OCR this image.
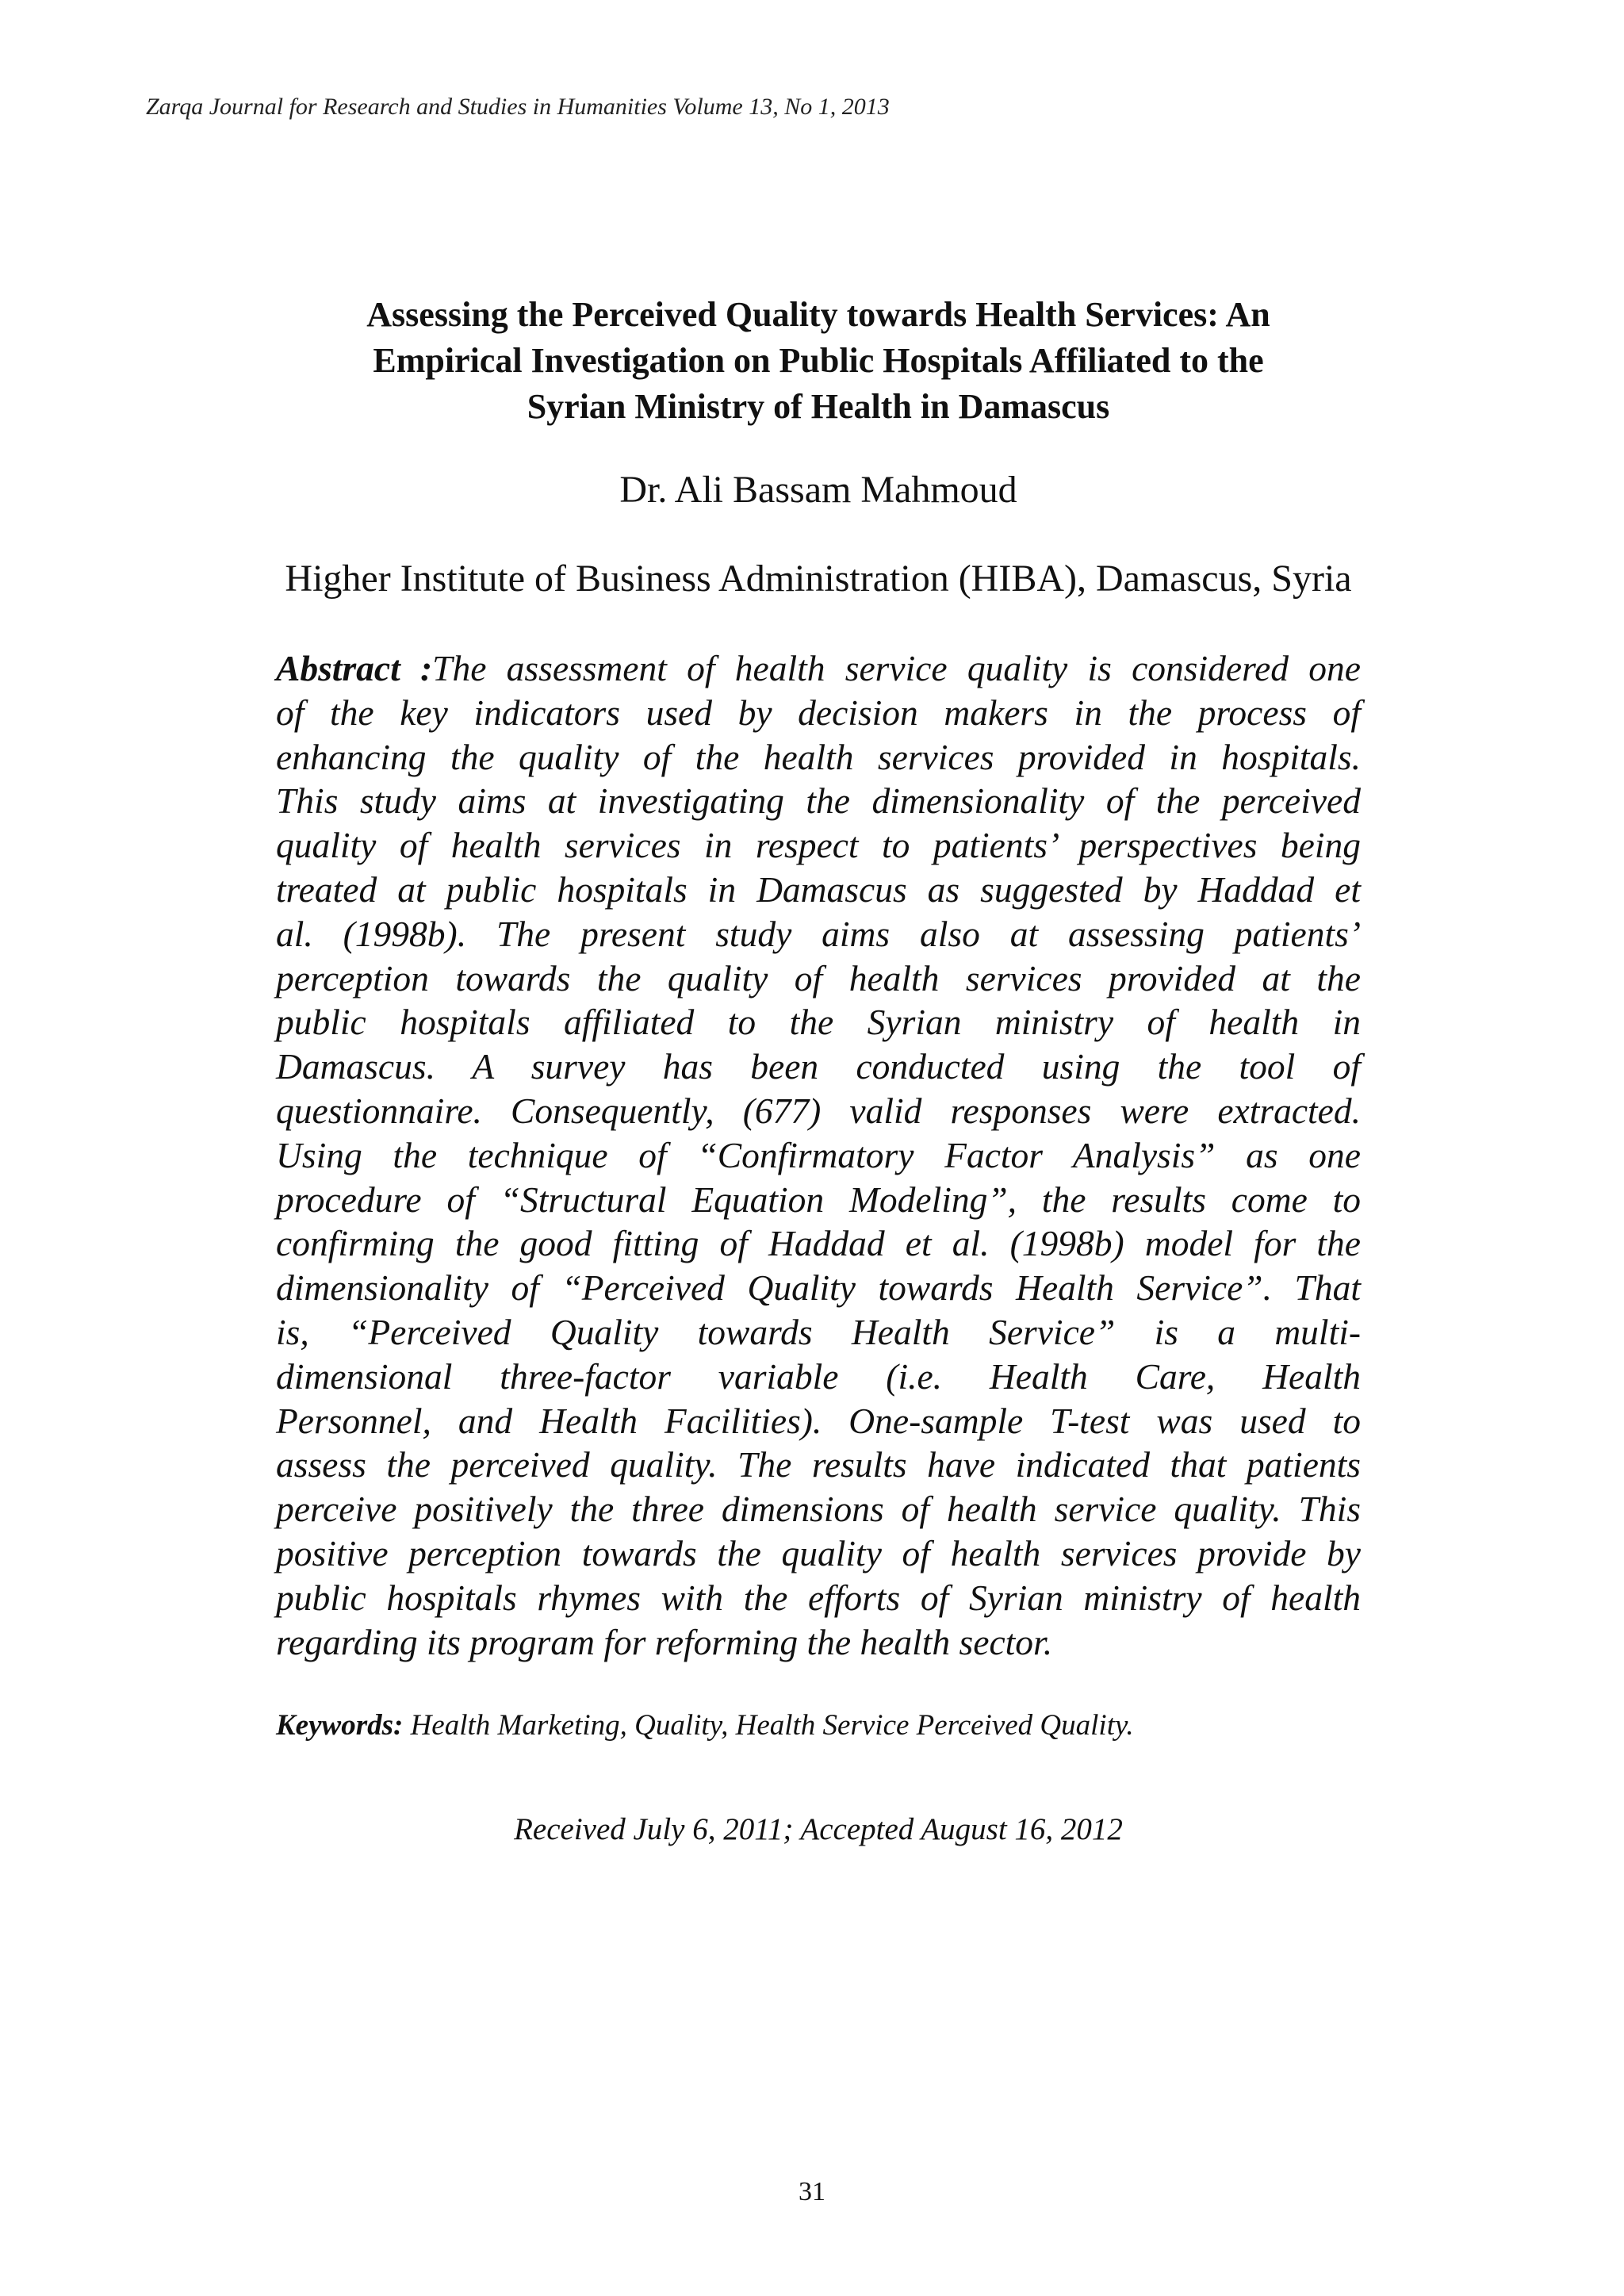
Zarqa Journal for Research and Studies in Humanities Volume 13, No 1, 2013
Assessing the Perceived Quality towards Health Services: An
Empirical Investigation on Public Hospitals Affiliated to the
Syrian Ministry of Health in Damascus
Dr. Ali Bassam Mahmoud
Higher Institute of Business Administration (HIBA), Damascus, Syria
Abstract :The assessment of health service quality is considered one
of the key indicators used by decision makers in the process of
enhancing the quality of the health services provided in hospitals.
This study aims at investigating the dimensionality of the perceived
quality of health services in respect to patients’ perspectives being
treated at public hospitals in Damascus as suggested by Haddad et
al. (1998b). The present study aims also at assessing patients’
perception towards the quality of health services provided at the
public hospitals affiliated to the Syrian ministry of health in
Damascus. A survey has been conducted using the tool of
questionnaire. Consequently, (677) valid responses were extracted.
Using the technique of “Confirmatory Factor Analysis” as one
procedure of “Structural Equation Modeling”, the results come to
confirming the good fitting of Haddad et al. (1998b) model for the
dimensionality of “Perceived Quality towards Health Service”. That
is, “Perceived Quality towards Health Service” is a multi-
dimensional three-factor variable (i.e. Health Care, Health
Personnel, and Health Facilities). One-sample T-test was used to
assess the perceived quality. The results have indicated that patients
perceive positively the three dimensions of health service quality. This
positive perception towards the quality of health services provide by
public hospitals rhymes with the efforts of Syrian ministry of health
regarding its program for reforming the health sector.
Keywords: Health Marketing, Quality, Health Service Perceived Quality.
Received July 6, 2011; Accepted August 16, 2012
31
